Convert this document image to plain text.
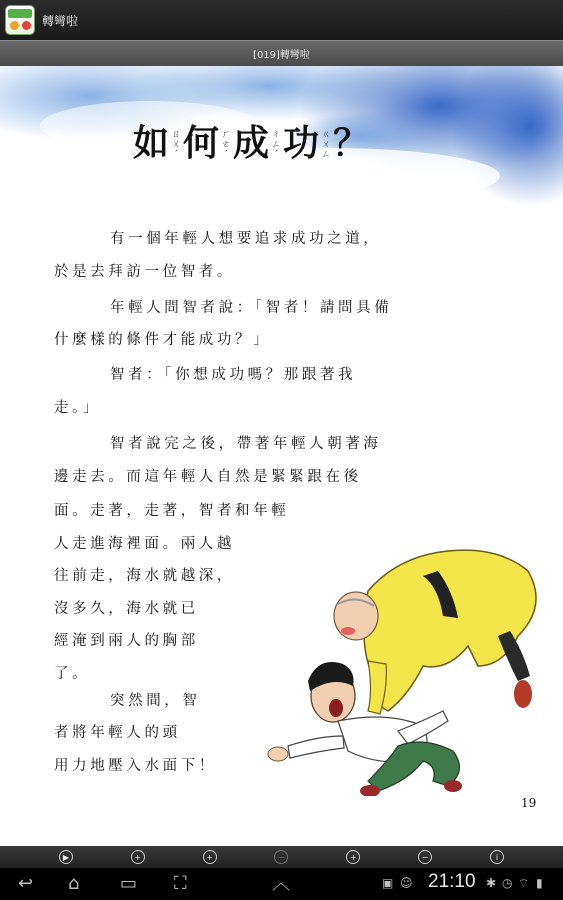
轉彎啦
[019]轉彎啦
如 ㄖㄨˊ 何 ㄏㄜˊ 成 ㄔㄥˊ 功 ㄍㄨㄥ ？
有一個年輕人想要追求成功之道，
於是去拜訪一位智者。
年輕人問智者說：「智者！請問具備
什麼樣的條件才能成功？」
智者：「你想成功嗎？那跟著我
走。」
智者說完之後，帶著年輕人朝著海
邊走去。而這年輕人自然是緊緊跟在後
面。走著，走著，智者和年輕
人走進海裡面。兩人越
往前走，海水就越深，
沒多久，海水就已
經淹到兩人的胸部
了。
突然間，智
者將年輕人的頭
用力地壓入水面下！
19
▶	+	+	−	+	−	i
↩ ⌂ ▭ ⛶	︿	▣ ☺ 21:10 ✱ ◷ ⌔ ▮
